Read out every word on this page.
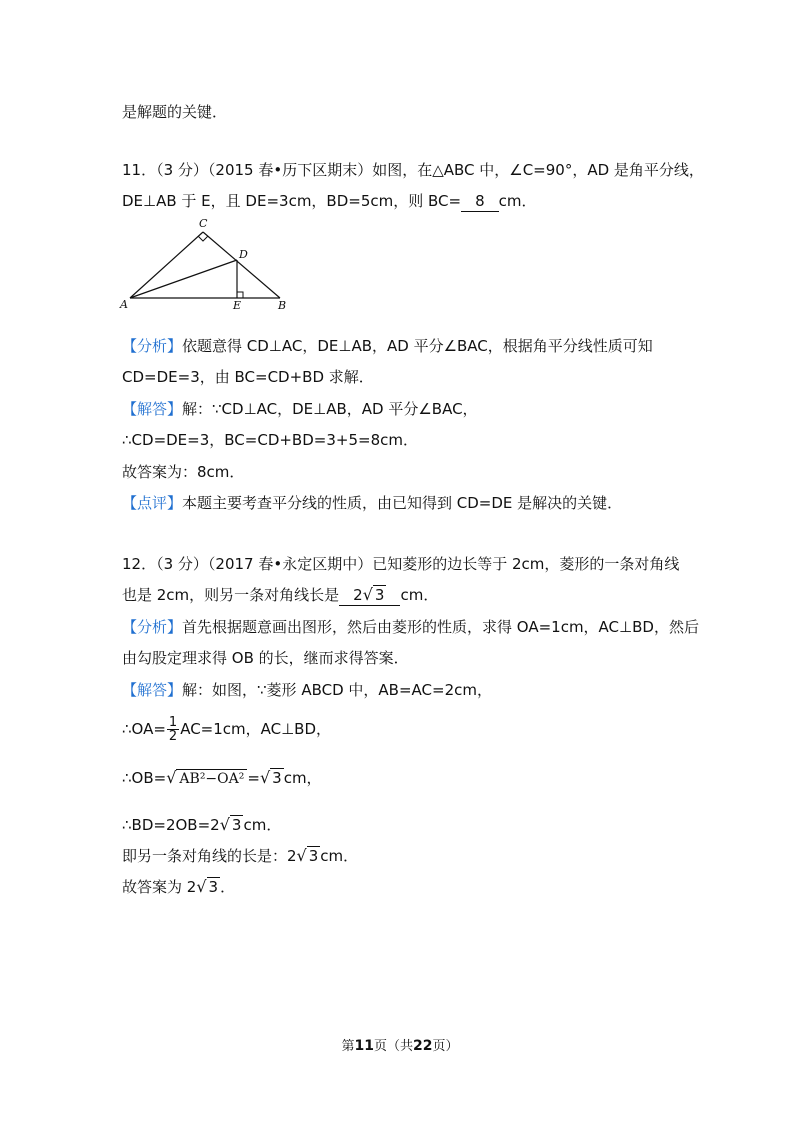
是解题的关键．
11．（3 分）（2015 春•历下区期末）如图，在△ABC 中，∠C=90°，AD 是角平分线，
DE⊥AB 于 E，且 DE=3cm，BD=5cm，则 BC= 8 cm．
C
D
A	E	B
【分析】依题意得 CD⊥AC，DE⊥AB，AD 平分∠BAC，根据角平分线性质可知
CD=DE=3，由 BC=CD+BD 求解．
【解答】解：∵CD⊥AC，DE⊥AB，AD 平分∠BAC，
∴CD=DE=3，BC=CD+BD=3+5=8cm．
故答案为：8cm．
【点评】本题主要考查平分线的性质，由已知得到 CD=DE 是解决的关键．
12．（3 分）（2017 春•永定区期中）已知菱形的边长等于 2cm，菱形的一条对角线
也是 2cm，则另一条对角线长是 2√ 3 cm．
【分析】首先根据题意画出图形，然后由菱形的性质，求得 OA=1cm，AC⊥BD，然后
由勾股定理求得 OB 的长，继而求得答案．
【解答】解：如图，∵菱形 ABCD 中，AB=AC=2cm，
∴OA= $\frac{1}{2} AC=1cm$，AC⊥BD，
∴OB=√ AB²−OA² =√ 3 cm，
∴BD=2OB=2√ 3 cm．
即另一条对角线的长是：2√ 3 cm．
故答案为 2√ 3 ．
第11页（共22页）
